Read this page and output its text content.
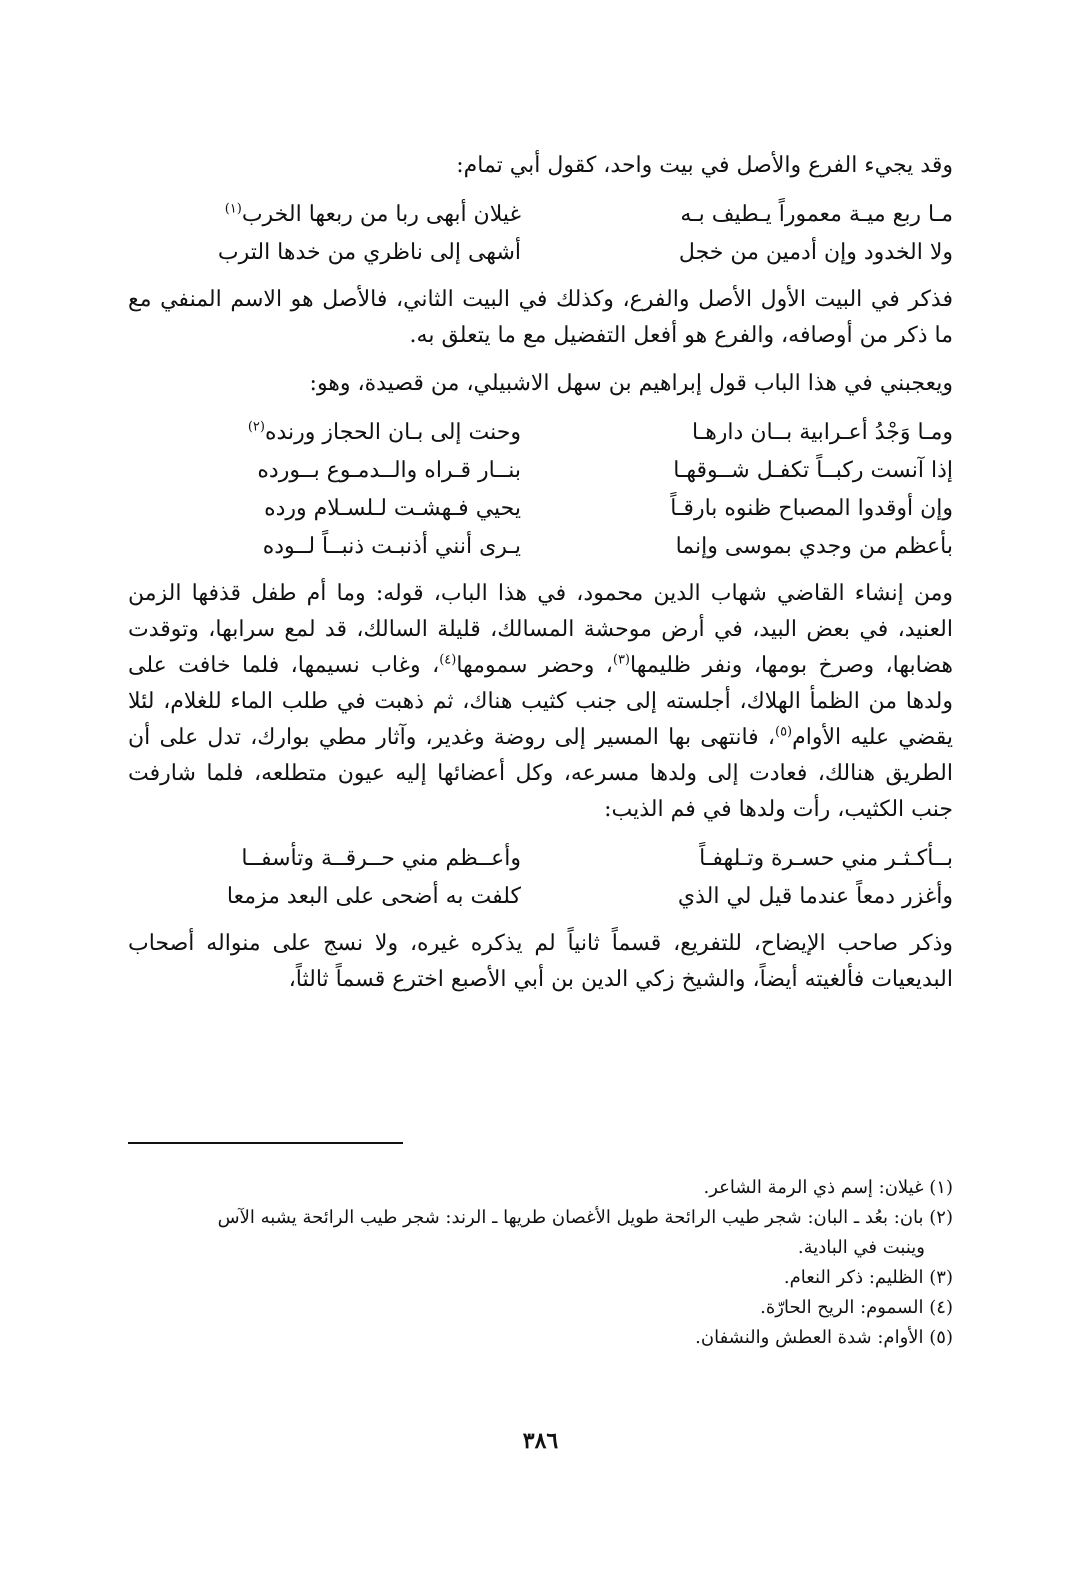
وقد يجيء الفرع والأصل في بيت واحد، كقول أبي تمام:

مـا ربع ميـة معموراً يـطيف بـه
غيلان أبهى ربا من ربعها الخرب$^{(١)}$
ولا الخدود وإن أدمين من خجل
أشهى إلى ناظري من خدها الترب

فذكر في البيت الأول الأصل والفرع، وكذلك في البيت الثاني، فالأصل هو الاسم المنفي مع ما ذكر من أوصافه، والفرع هو أفعل التفضيل مع ما يتعلق به.

ويعجبني في هذا الباب قول إبراهيم بن سهل الاشبيلي، من قصيدة، وهو:

ومـا وَجْدُ أعـرابية بــان دارهـا
وحنت إلى بـان الحجاز ورنده$^{(٢)}$
إذا آنست ركبــاً تكفـل شــوقهـا
بنــار قـراه والــدمـوع بــورده
وإن أوقدوا المصباح ظنوه بارقـاً
يحيي فـهشـت لـلسـلام ورده
بأعظم من وجدي بموسى وإنما
يـرى أنني أذنبـت ذنبــاً لــوده

ومن إنشاء القاضي شهاب الدين محمود، في هذا الباب، قوله: وما أم طفل قذفها الزمن العنيد، في بعض البيد، في أرض موحشة المسالك، قليلة السالك، قد لمع سرابها، وتوقدت هضابها، وصرخ بومها، ونفر ظليمها$^{(٣)}$، وحضر سمومها$^{(٤)}$، وغاب نسيمها، فلما خافت على ولدها من الظمأ الهلاك، أجلسته إلى جنب كثيب هناك، ثم ذهبت في طلب الماء للغلام، لئلا يقضي عليه الأوام$^{(٥)}$، فانتهى بها المسير إلى روضة وغدير، وآثار مطي بوارك، تدل على أن الطريق هنالك، فعادت إلى ولدها مسرعه، وكل أعضائها إليه عيون متطلعه، فلما شارفت جنب الكثيب، رأت ولدها في فم الذيب:

بــأكـثـر مني حسـرة وتـلهفـاً
وأعــظم مني حــرقــة وتأسفــا
وأغزر دمعاً عندما قيل لي الذي
كلفت به أضحى على البعد مزمعا

وذكر صاحب الإيضاح، للتفريع، قسماً ثانياً لم يذكره غيره، ولا نسج على منواله أصحاب البديعيات فألغيته أيضاً، والشيخ زكي الدين بن أبي الأصبع اخترع قسماً ثالثاً،

(١) غيلان: إسم ذي الرمة الشاعر.

(٢) بان: بعُد ـ البان: شجر طيب الرائحة طويل الأغصان طريها ـ الرند: شجر طيب الرائحة يشبه الآس
وينبت في البادية.

(٣) الظليم: ذكر النعام.

(٤) السموم: الريح الحارّة.

(٥) الأوام: شدة العطش والنشفان.

٣٨٦
